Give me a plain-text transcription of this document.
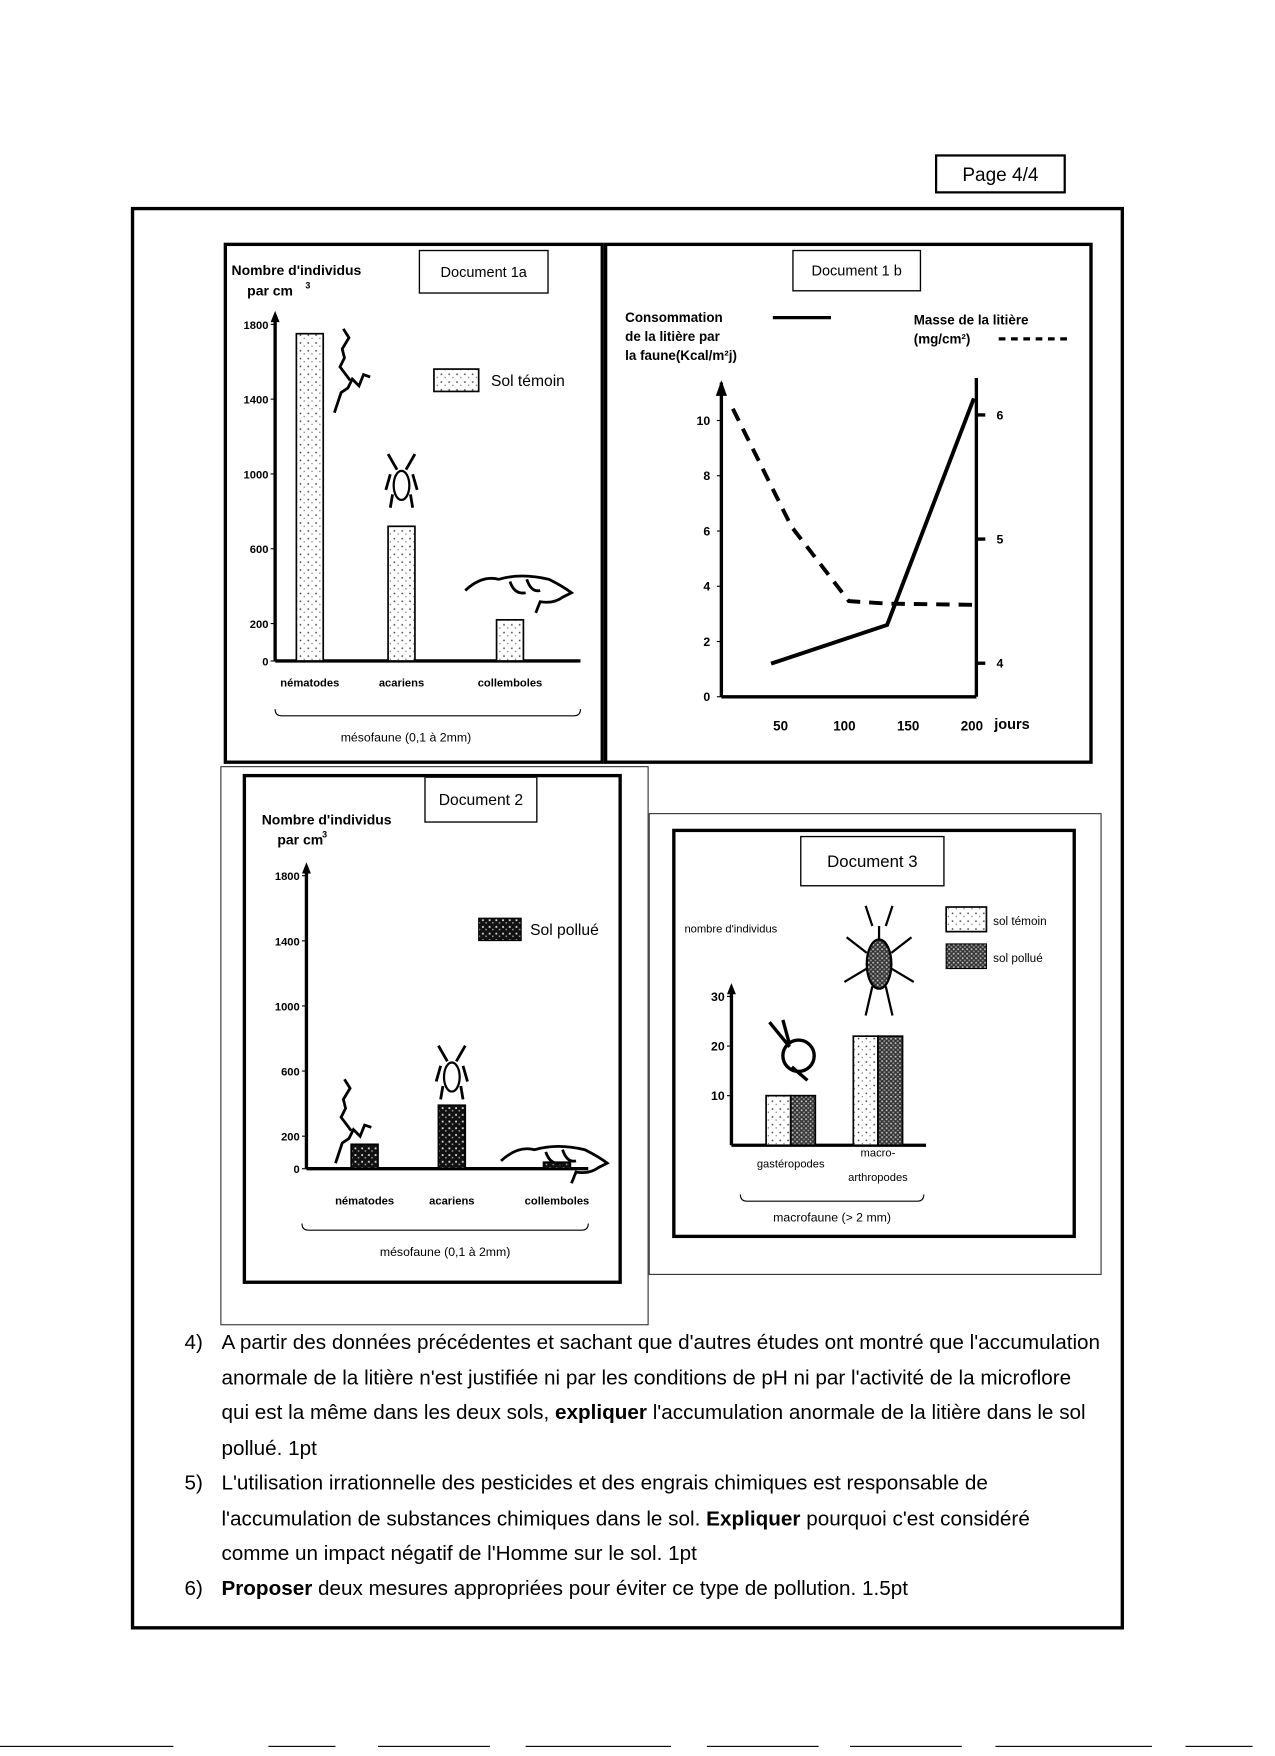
Page 4/4
0
200
600
1000
1400
1800
nématodes	acariens	collemboles
Nombre d'individus
par cm 3
Document 1a
Sol témoin
mésofaune (0,1 à 2mm)
Document 1 b
Consommation
de la litière par
la faune(Kcal/m²j)
Masse de la litière
(mg/cm²)
0
2
4
6
8
10
4
5
6
50	100	150	200 jours
0
200
600
1000
1400
1800
nématodes	acariens	collemboles
Nombre d'individus
par cm
3
Document 2
Sol pollué
mésofaune (0,1 à 2mm)
10
20
30
gastéropodes
macro-
arthropodes
nombre d'individus
Document 3
sol témoin
sol pollué
macrofaune (> 2 mm)
4) A partir des données précédentes et sachant que d'autres études ont montré que l'accumulation anormale de la litière n'est justifiée ni par les conditions de pH ni par l'activité de la microflore qui est la même dans les deux sols, expliquer l'accumulation anormale de la litière dans le sol pollué. 1pt
5) L'utilisation irrationnelle des pesticides et des engrais chimiques est responsable de l'accumulation de substances chimiques dans le sol. Expliquer pourquoi c'est considéré comme un impact négatif de l'Homme sur le sol. 1pt
6) Proposer deux mesures appropriées pour éviter ce type de pollution. 1.5pt
